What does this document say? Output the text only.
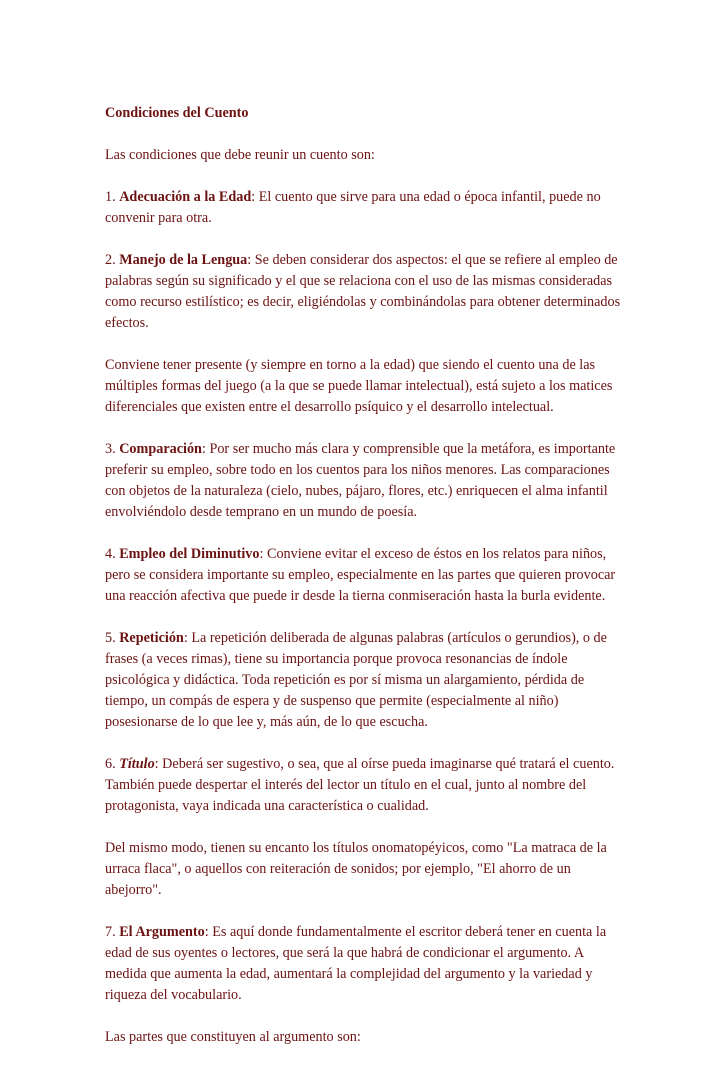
Condiciones del Cuento

Las condiciones que debe reunir un cuento son:

1. Adecuación a la Edad: El cuento que sirve para una edad o época infantil, puede no convenir para otra.

2. Manejo de la Lengua: Se deben considerar dos aspectos: el que se refiere al empleo de palabras según su significado y el que se relaciona con el uso de las mismas consideradas como recurso estilístico; es decir, eligiéndolas y combinándolas para obtener determinados efectos.

Conviene tener presente (y siempre en torno a la edad) que siendo el cuento una de las múltiples formas del juego (a la que se puede llamar intelectual), está sujeto a los matices diferenciales que existen entre el desarrollo psíquico y el desarrollo intelectual.

3. Comparación: Por ser mucho más clara y comprensible que la metáfora, es importante preferir su empleo, sobre todo en los cuentos para los niños menores. Las comparaciones con objetos de la naturaleza (cielo, nubes, pájaro, flores, etc.) enriquecen el alma infantil envolviéndolo desde temprano en un mundo de poesía.

4. Empleo del Diminutivo: Conviene evitar el exceso de éstos en los relatos para niños, pero se considera importante su empleo, especialmente en las partes que quieren provocar una reacción afectiva que puede ir desde la tierna conmiseración hasta la burla evidente.

5. Repetición: La repetición deliberada de algunas palabras (artículos o gerundios), o de frases (a veces rimas), tiene su importancia porque provoca resonancias de índole psicológica y didáctica. Toda repetición es por sí misma un alargamiento, pérdida de tiempo, un compás de espera y de suspenso que permite (especialmente al niño) posesionarse de lo que lee y, más aún, de lo que escucha.

6. Título: Deberá ser sugestivo, o sea, que al oírse pueda imaginarse qué tratará el cuento. También puede despertar el interés del lector un título en el cual, junto al nombre del protagonista, vaya indicada una característica o cualidad.

Del mismo modo, tienen su encanto los títulos onomatopéyicos, como "La matraca de la urraca flaca", o aquellos con reiteración de sonidos; por ejemplo, "El ahorro de un abejorro".

7. El Argumento: Es aquí donde fundamentalmente el escritor deberá tener en cuenta la edad de sus oyentes o lectores, que será la que habrá de condicionar el argumento. A medida que aumenta la edad, aumentará la complejidad del argumento y la variedad y riqueza del vocabulario.

Las partes que constituyen al argumento son:
